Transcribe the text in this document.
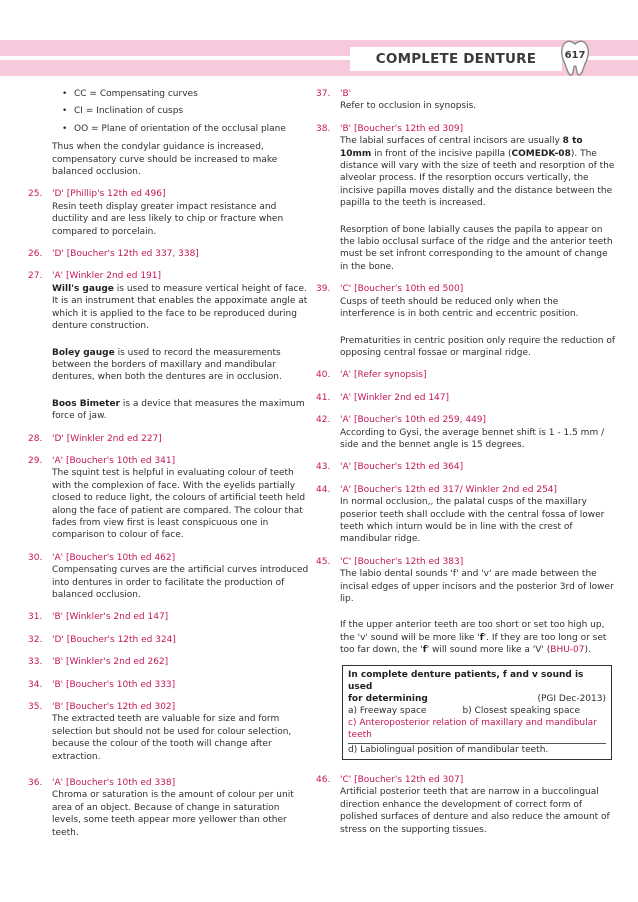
COMPLETE DENTURE	617
• CC = Compensating curves
• CI = Inclination of cusps
• OO = Plane of orientation of the occlusal plane
Thus when the condylar guidance is increased, compensatory curve should be increased to make balanced occlusion.
25. 'D' [Phillip's 12th ed 496]
Resin teeth display greater impact resistance and ductility and are less likely to chip or fracture when compared to porcelain.
26. 'D' [Boucher's 12th ed 337, 338]
27. 'A' [Winkler 2nd ed 191]
Will's gauge is used to measure vertical height of face. It is an instrument that enables the appoximate angle at which it is applied to the face to be reproduced during denture construction.
Boley gauge is used to record the measurements between the borders of maxillary and mandibular dentures, when both the dentures are in occlusion.
Boos Bimeter is a device that measures the maximum force of jaw.
28. 'D' [Winkler 2nd ed 227]
29. 'A' [Boucher's 10th ed 341]
The squint test is helpful in evaluating colour of teeth with the complexion of face. With the eyelids partially closed to reduce light, the colours of artificial teeth held along the face of patient are compared. The colour that fades from view first is least conspicuous one in comparison to colour of face.
30. 'A' [Boucher's 10th ed 462]
Compensating curves are the artificial curves introduced into dentures in order to facilitate the production of balanced occlusion.
31. 'B' [Winkler's 2nd ed 147]
32. 'D' [Boucher's 12th ed 324]
33. 'B' [Winkler's 2nd ed 262]
34. 'B' [Boucher's 10th ed 333]
35. 'B' [Boucher's 12th ed 302]
The extracted teeth are valuable for size and form selection but should not be used for colour selection, because the colour of the tooth will change after extraction.
36. 'A' [Boucher's 10th ed 338]
Chroma or saturation is the amount of colour per unit area of an object. Because of change in saturation levels, some teeth appear more yellower than other teeth.
37. 'B'
Refer to occlusion in synopsis.
38. 'B' [Boucher's 12th ed 309]
The labial surfaces of central incisors are usually 8 to 10mm in front of the incisive papilla (COMEDK-08). The distance will vary with the size of teeth and resorption of the alveolar process. If the resorption occurs vertically, the incisive papilla moves distally and the distance between the papilla to the teeth is increased.
Resorption of bone labially causes the papila to appear on the labio occlusal surface of the ridge and the anterior teeth must be set infront corresponding to the amount of change in the bone.
39. 'C' [Boucher's 10th ed 500]
Cusps of teeth should be reduced only when the interference is in both centric and eccentric position.
Prematurities in centric position only require the reduction of opposing central fossae or marginal ridge.
40. 'A' [Refer synopsis]
41. 'A' [Winkler 2nd ed 147]
42. 'A' [Boucher's 10th ed 259, 449]
According to Gysi, the average bennet shift is 1 - 1.5 mm / side and the bennet angle is 15 degrees.
43. 'A' [Boucher's 12th ed 364]
44. 'A' [Boucher's 12th ed 317/ Winkler 2nd ed 254]
In normal occlusion,, the palatal cusps of the maxillary poserior teeth shall occlude with the central fossa of lower teeth which inturn would be in line with the crest of mandibular ridge.
45. 'C' [Boucher's 12th ed 383]
The labio dental sounds 'f' and 'v' are made between the incisal edges of upper incisors and the posterior 3rd of lower lip.
If the upper anterior teeth are too short or set too high up, the 'v' sound will be more like 'f'. If they are too long or set too far down, the 'f' will sound more like a 'V' (BHU-07).
In complete denture patients, f and v sound is used
for determining	(PGI Dec-2013)
a) Freeway space	b) Closest speaking space
c) Anteroposterior relation of maxillary and mandibular teeth
d) Labiolingual position of mandibular teeth.
46. 'C' [Boucher's 12th ed 307]
Artificial posterior teeth that are narrow in a buccolingual direction enhance the development of correct form of polished surfaces of denture and also reduce the amount of stress on the supporting tissues.
